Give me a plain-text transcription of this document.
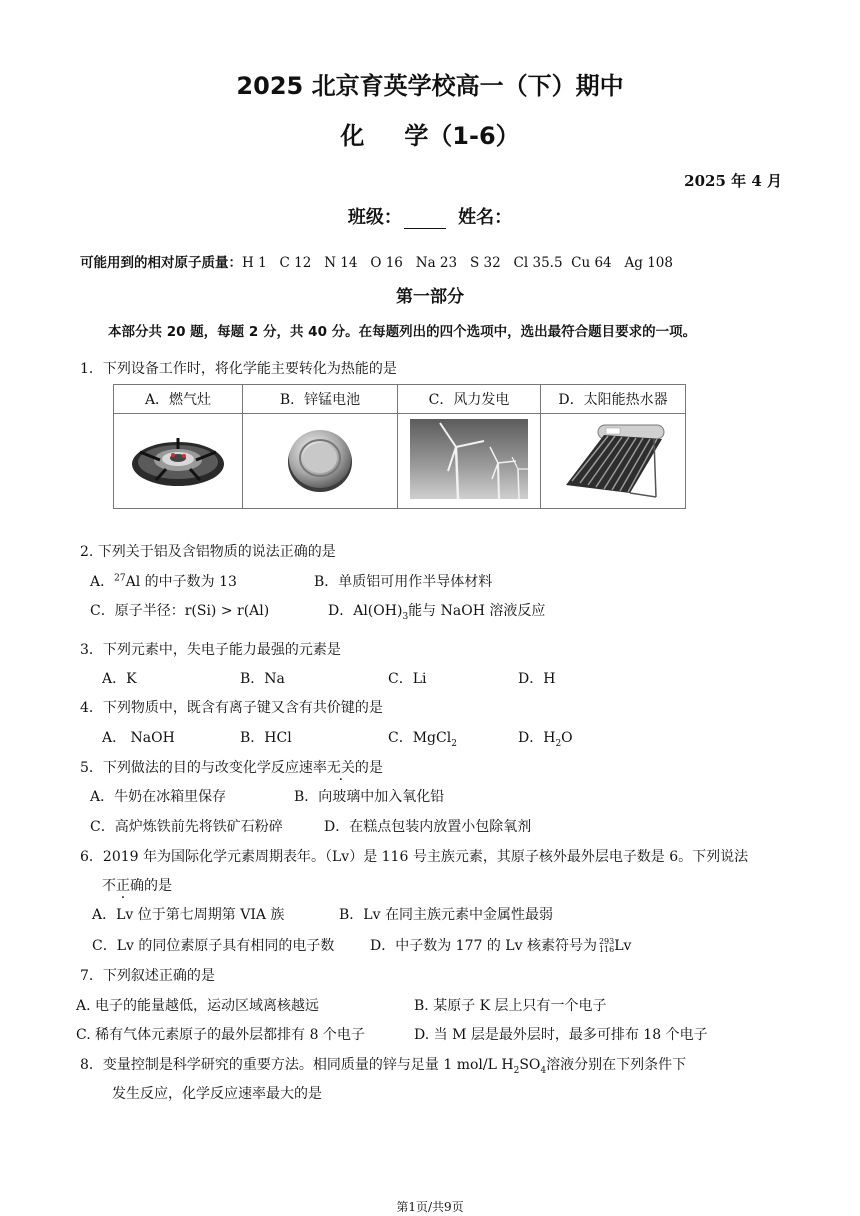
2025 北京育英学校高一（下）期中
化 学（1-6）
2025 年 4 月
班级：	姓名：
可能用到的相对原子质量：H 1   C 12   N 14   O 16   Na 23   S 32   Cl 35.5  Cu 64   Ag 108
第一部分
本部分共 20 题，每题 2 分，共 40 分。在每题列出的四个选项中，选出最符合题目要求的一项。
1．下列设备工作时，将化学能主要转化为热能的是
A．燃气灶	B．锌锰电池	C．风力发电	D．太阳能热水器

2. 下列关于铝及含铝物质的说法正确的是
A．$^{27}$Al 的中子数为 13	B．单质铝可用作半导体材料
C．原子半径：r(Si) > r(Al)	D．$Al(OH)_3$能与 NaOH 溶液反应
3．下列元素中，失电子能力最强的元素是
A．K	B．Na	C．Li	D．H
4．下列物质中，既含有离子键又含有共价键的是
A． NaOH	B．HCl	C．MgCl$_2$	D．$H_2O$
5．下列做法的目的与改变化学反应速率无关的是
A．牛奶在冰箱里保存	B．向玻璃中加入氧化铅
C．高炉炼铁前先将铁矿石粉碎	D．在糕点包装内放置小包除氧剂
6．2019 年为国际化学元素周期表年。（Lv）是 116 号主族元素，其原子核外最外层电子数是 6。下列说法
不正确的是
A．Lv 位于第七周期第 VIA 族	B．Lv 在同主族元素中金属性最弱
C．Lv 的同位素原子具有相同的电子数	D．中子数为 177 的 Lv 核素符号为 293
116Lv
7．下列叙述正确的是
A. 电子的能量越低，运动区域离核越远	B. 某原子 K 层上只有一个电子
C. 稀有气体元素原子的最外层都排有 8 个电子	D. 当 M 层是最外层时，最多可排布 18 个电子
8．变量控制是科学研究的重要方法。相同质量的锌与足量 1 mol/L $H_2SO_4$溶液分别在下列条件下
发生反应，化学反应速率最大的是
第1页/共9页
